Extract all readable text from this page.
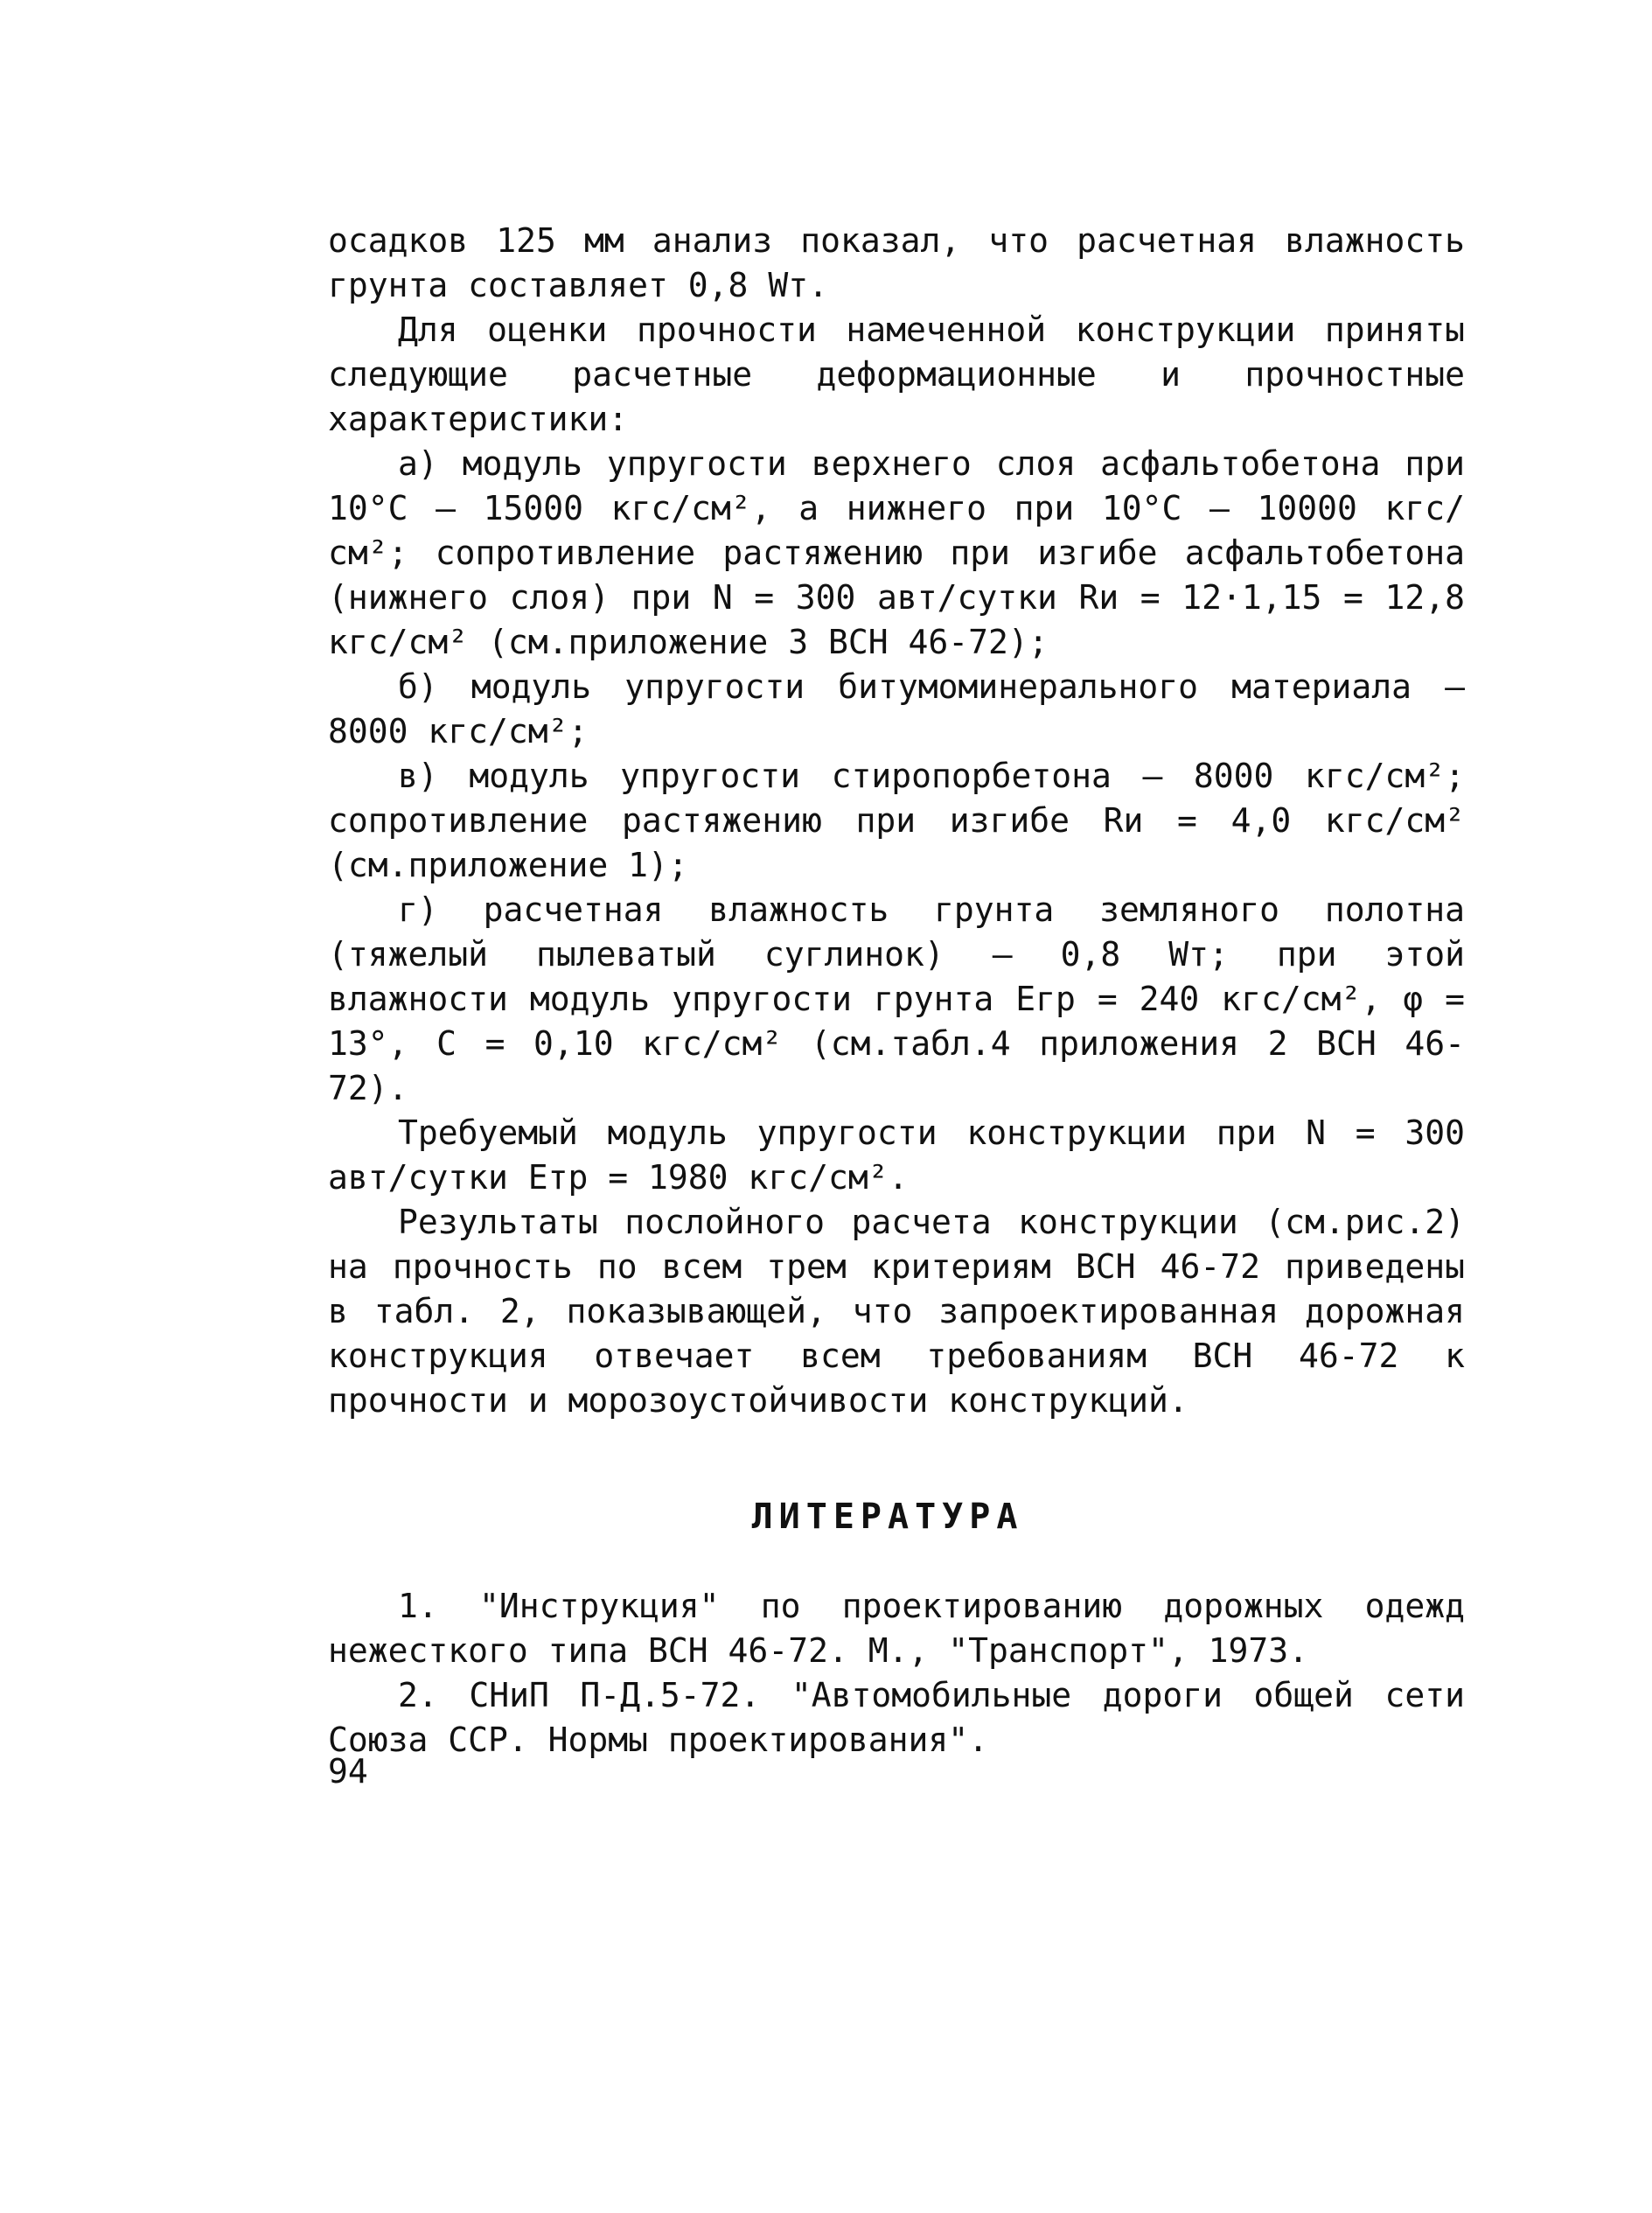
осадков 125 мм анализ показал, что расчетная влажность грунта составляет 0,8 Wт.

Для оценки прочности намеченной конструкции приняты следующие расчетные деформационные и прочностные характеристики:

а) модуль упругости верхнего слоя асфальтобетона при 10°С – 15000 кгс/см², а нижнего при 10°С – 10000 кгс/см²; сопротивление растяжению при изгибе асфальтобетона (нижнего слоя) при N = 300 авт/сутки Rи = 12·1,15 = 12,8 кгс/см² (см.приложение 3 ВСН 46-72);

б) модуль упругости битумоминерального материала – 8000 кгс/см²;

в) модуль упругости стиропорбетона – 8000 кгс/см²; сопротивление растяжению при изгибе Rи = 4,0 кгс/см² (см.приложение 1);

г) расчетная влажность грунта земляного полотна (тяжелый пылеватый суглинок) – 0,8 Wт; при этой влажности модуль упругости грунта Егр = 240 кгс/см², φ = 13°, С = 0,10 кгс/см² (см.табл.4 приложения 2 ВСН 46-72).

Требуемый модуль упругости конструкции при N = 300 авт/сутки Етр = 1980 кгс/см².

Результаты послойного расчета конструкции (см.рис.2) на прочность по всем трем критериям ВСН 46-72 приведены в табл. 2, показывающей, что запроектированная дорожная конструкция отвечает всем требованиям ВСН 46-72 к прочности и морозоустойчивости конструкций.

ЛИТЕРАТУРА

1. "Инструкция" по проектированию дорожных одежд нежесткого типа ВСН 46-72. М., "Транспорт", 1973.

2. СНиП П-Д.5-72. "Автомобильные дороги общей сети Союза ССР. Нормы проектирования".

94
